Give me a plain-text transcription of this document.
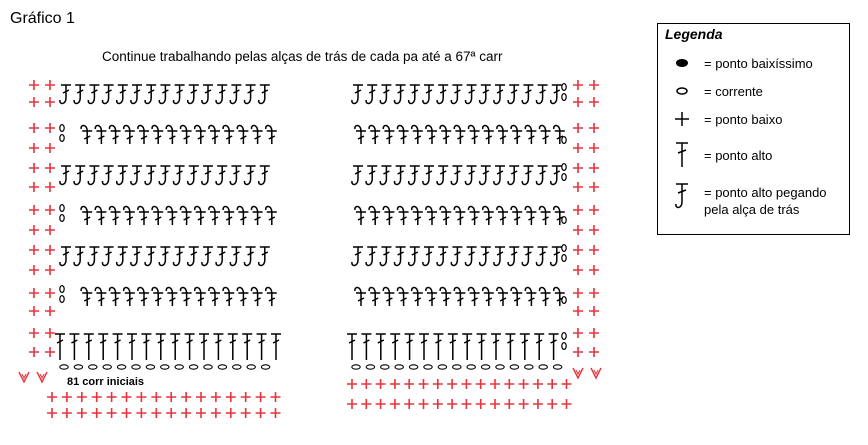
Gráfico 1
Continue trabalhando pelas alças de trás de cada pa até a 67ª carr
81 corr iniciais
Legenda
= ponto baixíssimo
= corrente
= ponto baixo
= ponto alto
= ponto alto pegando pela alça de trás
